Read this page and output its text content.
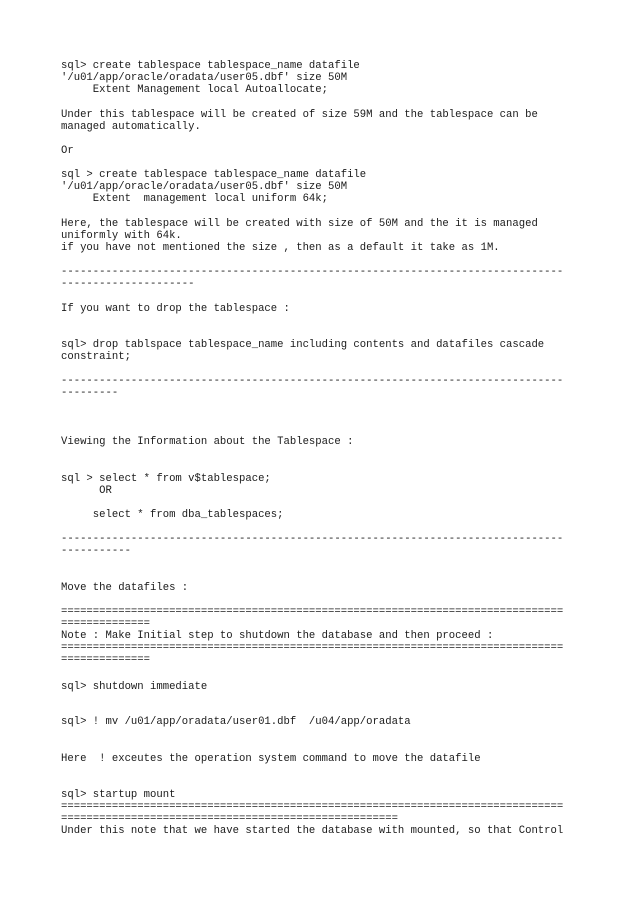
sql> create tablespace tablespace_name datafile
'/u01/app/oracle/oradata/user05.dbf' size 50M
Extent Management local Autoallocate;
Under this tablespace will be created of size 59M and the tablespace can be
managed automatically.
Or
sql > create tablespace tablespace_name datafile
'/u01/app/oracle/oradata/user05.dbf' size 50M
Extent  management local uniform 64k;
Here, the tablespace will be created with size of 50M and the it is managed
uniformly with 64k.
if you have not mentioned the size , then as a default it take as 1M.
-------------------------------------------------------------------------------
---------------------
If you want to drop the tablespace :
sql> drop tablspace tablespace_name including contents and datafiles cascade
constraint;
-------------------------------------------------------------------------------
---------
Viewing the Information about the Tablespace :
sql > select * from v$tablespace;
OR
select * from dba_tablespaces;
-------------------------------------------------------------------------------
-----------
Move the datafiles :
===============================================================================
==============
Note : Make Initial step to shutdown the database and then proceed :
===============================================================================
==============
sql> shutdown immediate
sql> ! mv /u01/app/oradata/user01.dbf  /u04/app/oradata
Here  ! exceutes the operation system command to move the datafile
sql> startup mount
===============================================================================
=====================================================
Under this note that we have started the database with mounted, so that Control
